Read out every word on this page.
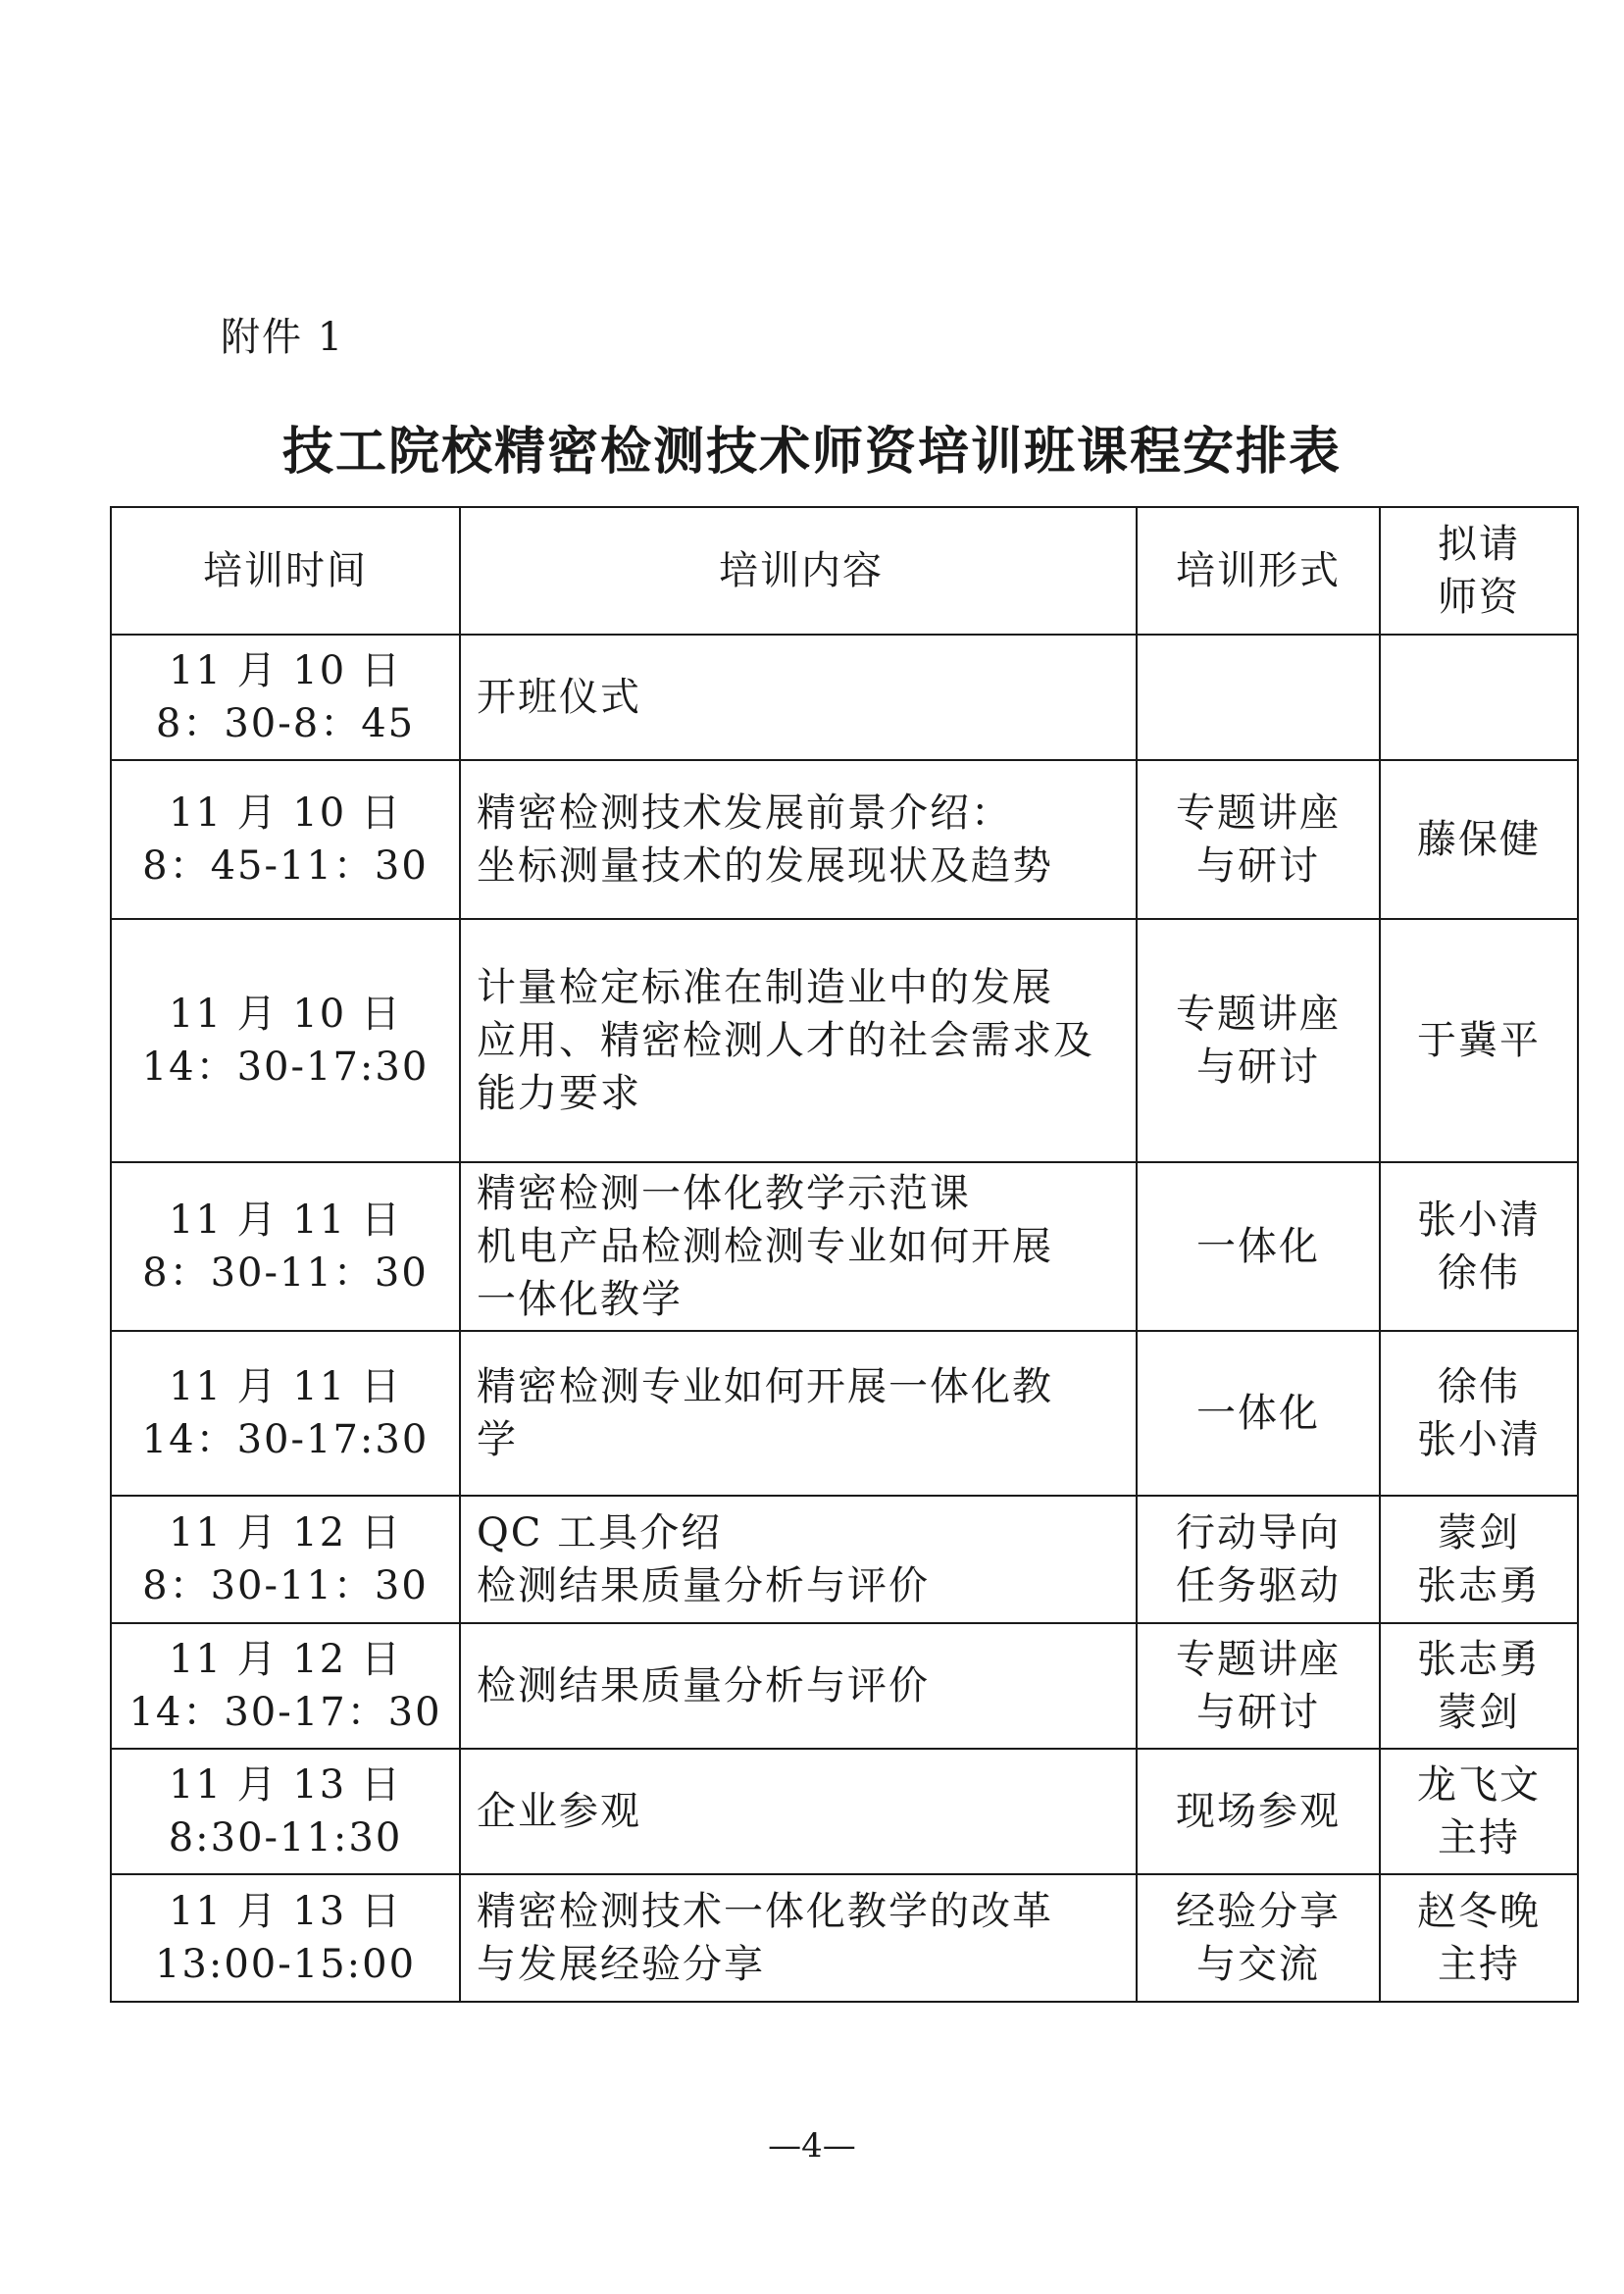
附件 1
技工院校精密检测技术师资培训班课程安排表
培训时间	培训内容	培训形式	拟请
师资

11 月 10 日
8：30-8：45	开班仪式		

11 月 10 日
8：45-11：30	精密检测技术发展前景介绍：
坐标测量技术的发展现状及趋势	专题讲座
与研讨	藤保健

11 月 10 日
14：30-17:30	计量检定标准在制造业中的发展
应用、精密检测人才的社会需求及
能力要求	专题讲座
与研讨	于冀平

11 月 11 日
8：30-11：30	精密检测一体化教学示范课
机电产品检测检测专业如何开展
一体化教学	一体化	张小清
徐伟

11 月 11 日
14：30-17:30	精密检测专业如何开展一体化教
学	一体化	徐伟
张小清

11 月 12 日
8：30-11：30	QC 工具介绍
检测结果质量分析与评价	行动导向
任务驱动	蒙剑
张志勇

11 月 12 日
14：30-17：30	检测结果质量分析与评价	专题讲座
与研讨	张志勇
蒙剑

11 月 13 日
8:30-11:30	企业参观	现场参观	龙飞文
主持

11 月 13 日
13:00-15:00	精密检测技术一体化教学的改革
与发展经验分享	经验分享
与交流	赵冬晚
主持
—4—
